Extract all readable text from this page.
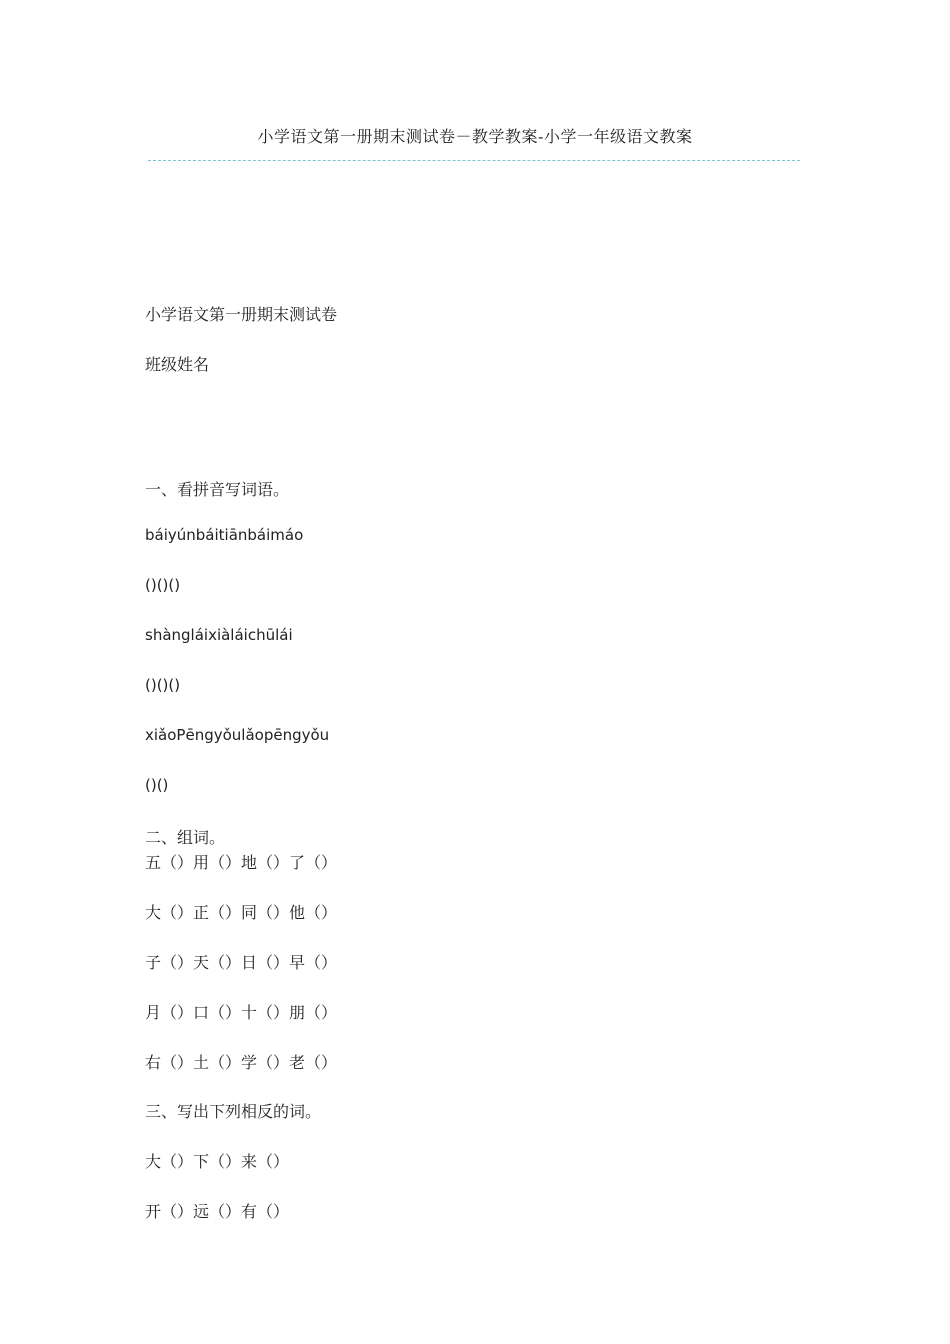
小学语文第一册期末测试卷－教学教案-小学一年级语文教案
小学语文第一册期末测试卷
班级姓名
一、看拼音写词语。
báiyúnbáitiānbáimáo
()()()
shàngláixiàláichūlái
()()()
xiǎoPēngyǒulǎopēngyǒu
()()
二、组词。
五（）用（）地（）了（）
大（）正（）同（）他（）
子（）天（）日（）早（）
月（）口（）十（）朋（）
右（）土（）学（）老（）
三、写出下列相反的词。
大（）下（）来（）
开（）远（）有（）
